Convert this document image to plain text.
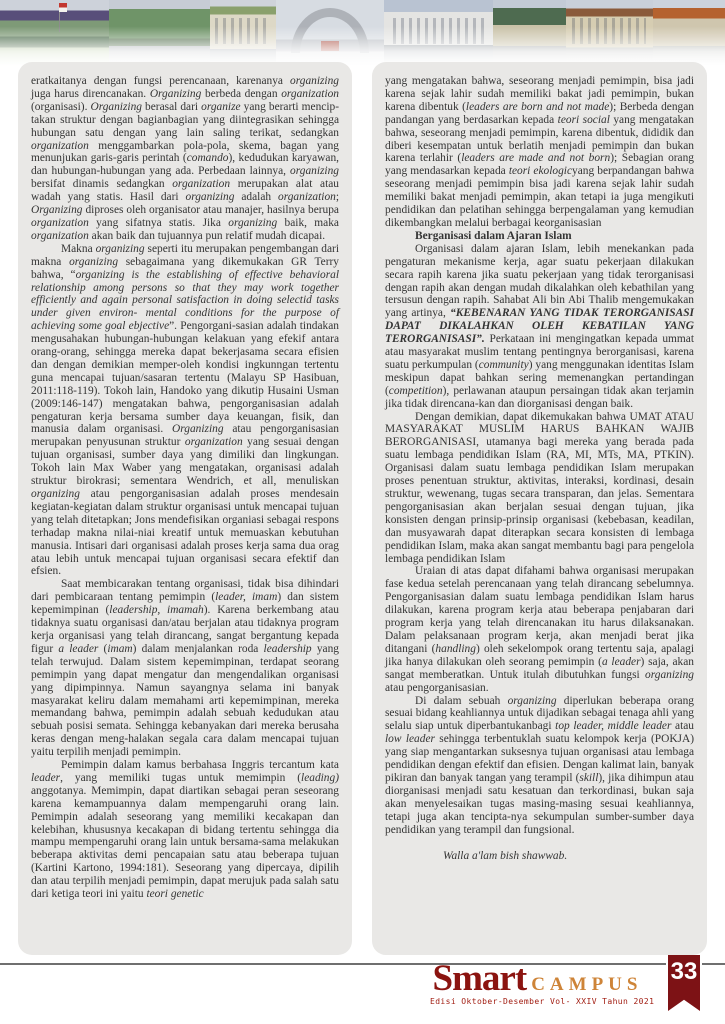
eratkaitanya dengan fungsi perencanaan, karenanya organizing juga harus direncanakan. Organizing berbeda dengan organization (organisasi). Organizing berasal dari organize yang berarti mencip-takan struktur dengan bagianbagian yang diintegrasikan sehingga hubungan satu dengan yang lain saling terikat, sedangkan organization menggambarkan pola-pola, skema, bagan yang menunjukan garis-garis perintah (comando), kedudukan karyawan, dan hubungan-hubungan yang ada. Perbedaan lainnya, organizing bersifat dinamis sedangkan organization merupakan alat atau wadah yang statis. Hasil dari organizing adalah organization; Organizing diproses oleh organisator atau manajer, hasilnya berupa organization yang sifatnya statis. Jika organizing baik, maka organization akan baik dan tujuannya pun relatif mudah dicapai.

Makna organizing seperti itu merupakan pengembangan dari makna organizing sebagaimana yang dikemukakan GR Terry bahwa, “organizing is the establishing of effective behavioral relationship among persons so that they may work together efficiently and again personal satisfaction in doing selectid tasks under given environ- mental conditions for the purpose of achieving some goal ebjective”. Pengorgani-sasian adalah tindakan mengusahakan hubungan-hubungan kelakuan yang efekif antara orang-orang, sehingga mereka dapat bekerjasama secara efisien dan dengan demikian memper-oleh kondisi ingkunngan tertentu guna mencapai tujuan/sasaran tertentu (Malayu SP Hasibuan, 2011:118-119). Tokoh lain, Handoko yang dikutip Husaini Usman (2009:146-147) mengatakan bahwa, pengorganisasian adalah pengaturan kerja bersama sumber daya keuangan, fisik, dan manusia dalam organisasi. Organizing atau pengorganisasian merupakan penyusunan struktur organization yang sesuai dengan tujuan organisasi, sumber daya yang dimiliki dan lingkungan. Tokoh lain Max Waber yang mengatakan, organisasi adalah struktur birokrasi; sementara Wendrich, et all, menuliskan organizing atau pengorganisasian adalah proses mendesain kegiatan-kegiatan dalam struktur organisasi untuk mencapai tujuan yang telah ditetapkan; Jons mendefisikan organiasi sebagai respons terhadap makna nilai-niai kreatif untuk memuaskan kebutuhan manusia. Intisari dari organisasi adalah proses kerja sama dua orag atau lebih untuk mencapai tujuan organisasi secara efektif dan efsien.

Saat membicarakan tentang organisasi, tidak bisa dihindari dari pembicaraan tentang pemimpin (leader, imam) dan sistem kepemimpinan (leadership, imamah). Karena berkembang atau tidaknya suatu organisasi dan/atau berjalan atau tidaknya program kerja organisasi yang telah dirancang, sangat bergantung kepada figur a leader (imam) dalam menjalankan roda leadership yang telah terwujud. Dalam sistem kepemimpinan, terdapat seorang pemimpin yang dapat mengatur dan mengendalikan organisasi yang dipimpinnya. Namun sayangnya selama ini banyak masyarakat keliru dalam memahami arti kepemimpinan, mereka memandang bahwa, pemimpin adalah sebuah kedudukan atau sebuah posisi semata. Sehingga kebanyakan dari mereka berusaha keras dengan meng-halakan segala cara dalam mencapai tujuan yaitu terpilih menjadi pemimpin.

Pemimpin dalam kamus berbahasa Inggris tercantum kata leader, yang memiliki tugas untuk memimpin (leading) anggotanya. Memimpin, dapat diartikan sebagai peran seseorang karena kemampuannya dalam mempengaruhi orang lain. Pemimpin adalah seseorang yang memiliki kecakapan dan kelebihan, khususnya kecakapan di bidang tertentu sehingga dia mampu mempengaruhi orang lain untuk bersama-sama melakukan beberapa aktivitas demi pencapaian satu atau beberapa tujuan (Kartini Kartono, 1994:181). Seseorang yang dipercaya, dipilih dan atau terpilih menjadi pemimpin, dapat merujuk pada salah satu dari ketiga teori ini yaitu teori genetic

yang mengatakan bahwa, seseorang menjadi pemimpin, bisa jadi karena sejak lahir sudah memiliki bakat jadi pemimpin, bukan karena dibentuk (leaders are born and not made); Berbeda dengan pandangan yang berdasarkan kepada teori social yang mengatakan bahwa, seseorang menjadi pemimpin, karena dibentuk, dididik dan diberi kesempatan untuk berlatih menjadi pemimpin dan bukan karena terlahir (leaders are made and not born); Sebagian orang yang mendasarkan kepada teori ekologicyang berpandangan bahwa seseorang menjadi pemimpin bisa jadi karena sejak lahir sudah memiliki bakat menjadi pemimpin, akan tetapi ia juga mengikuti pendidikan dan pelatihan sehingga berpengalaman yang kemudian dikembangkan melalui berbagai keorganisasian

Berganisasi dalam Ajaran Islam

Organisasi dalam ajaran Islam, lebih menekankan pada pengaturan mekanisme kerja, agar suatu pekerjaan dilakukan secara rapih karena jika suatu pekerjaan yang tidak terorganisasi dengan rapih akan dengan mudah dikalahkan oleh kebathilan yang tersusun dengan rapih. Sahabat Ali bin Abi Thalib mengemukakan yang artinya, “KEBENARAN YANG TIDAK TERORGANISASI DAPAT DIKALAHKAN OLEH KEBATILAN YANG TERORGANISASI”. Perkataan ini mengingatkan kepada ummat atau masyarakat muslim tentang pentingnya berorganisasi, karena suatu perkumpulan (community) yang menggunakan identitas Islam meskipun dapat bahkan sering memenangkan pertandingan (competition), perlawanan ataupun persaingan tidak akan terjamin jika tidak direncana-kan dan diorganisasi dengan baik.

Dengan demikian, dapat dikemukakan bahwa UMAT ATAU MASYARAKAT MUSLIM HARUS BAHKAN WAJIB BERORGANISASI, utamanya bagi mereka yang berada pada suatu lembaga pendidikan Islam (RA, MI, MTs, MA, PTKIN). Organisasi dalam suatu lembaga pendidikan Islam merupakan proses penentuan struktur, aktivitas, interaksi, kordinasi, desain struktur, wewenang, tugas secara transparan, dan jelas. Sementara pengorganisasian akan berjalan sesuai dengan tujuan, jika konsisten dengan prinsip-prinsip organisasi (kebebasan, keadilan, dan musyawarah dapat diterapkan secara konsisten di lembaga pendidikan Islam, maka akan sangat membantu bagi para pengelola lembaga pendidikan Islam

Uraian di atas dapat difahami bahwa organisasi merupakan fase kedua setelah perencanaan yang telah dirancang sebelumnya. Pengorganisasian dalam suatu lembaga pendidikan Islam harus dilakukan, karena program kerja atau beberapa penjabaran dari program kerja yang telah direncanakan itu harus dilaksanakan. Dalam pelaksanaan program kerja, akan menjadi berat jika ditangani (handling) oleh sekelompok orang tertentu saja, apalagi jika hanya dilakukan oleh seorang pemimpin (a leader) saja, akan sangat memberatkan. Untuk itulah dibutuhkan fungsi organizing atau pengorganisasian.

Di dalam sebuah organizing diperlukan beberapa orang sesuai bidang keahliannya untuk dijadikan sebagai tenaga ahli yang selalu siap untuk diperbantukanbagi top leader, middle leader atau low leader sehingga terbentuklah suatu kelompok kerja (POKJA) yang siap mengantarkan suksesnya tujuan organisasi atau lembaga pendidikan dengan efektif dan efisien. Dengan kalimat lain, banyak pikiran dan banyak tangan yang terampil (skill), jika dihimpun atau diorganisasi menjadi satu kesatuan dan terkordinasi, bukan saja akan menyelesaikan tugas masing-masing sesuai keahliannya, tetapi juga akan tencipta-nya sekumpulan sumber-sumber daya pendidikan yang terampil dan fungsional.

Walla a'lam bish shawwab.

Smart CAMPUS
Edisi Oktober-Desember Vol- XXIV Tahun 2021
33
